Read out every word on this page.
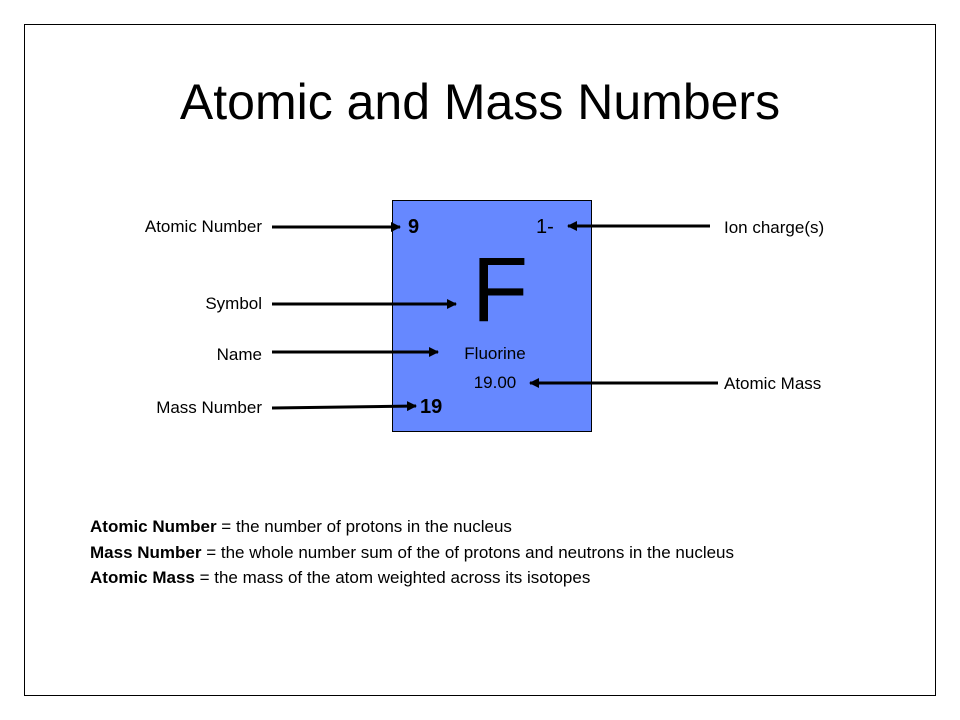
Atomic and Mass Numbers
9	1-
F
Fluorine
19.00
19
Atomic Number
Symbol
Name
Mass Number
Ion charge(s)
Atomic Mass
Atomic Number = the number of protons in the nucleus
Mass Number = the whole number sum of the of protons and neutrons in the nucleus
Atomic Mass = the mass of the atom weighted across its isotopes
